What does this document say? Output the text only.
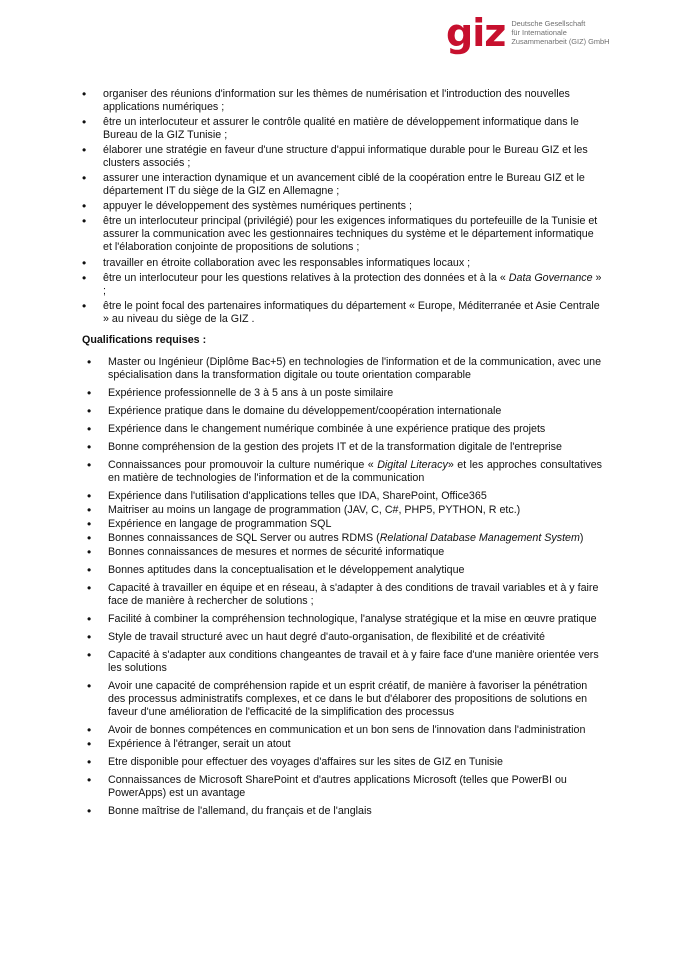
giz Deutsche Gesellschaft
für Internationale
Zusammenarbeit (GIZ) GmbH
• organiser des réunions d'information sur les thèmes de numérisation et l'introduction des nouvelles applications numériques ;
• être un interlocuteur et assurer le contrôle qualité en matière de développement informatique dans le Bureau de la GIZ Tunisie ;
• élaborer une stratégie en faveur d'une structure d'appui informatique durable pour le Bureau GIZ et les clusters associés ;
• assurer une interaction dynamique et un avancement ciblé de la coopération entre le Bureau GIZ et le département IT du siège de la GIZ en Allemagne ;
• appuyer le développement des systèmes numériques pertinents ;
• être un interlocuteur principal (privilégié) pour les exigences informatiques du portefeuille de la Tunisie et assurer la communication avec les gestionnaires techniques du système et le département informatique et l'élaboration conjointe de propositions de solutions ;
• travailler en étroite collaboration avec les responsables informatiques locaux ;
• être un interlocuteur pour les questions relatives à la protection des données et à la « Data Governance » ;
• être le point focal des partenaires informatiques du département « Europe, Méditerranée et Asie Centrale » au niveau du siège de la GIZ .
Qualifications requises :
• Master ou Ingénieur (Diplôme Bac+5) en technologies de l'information et de la communication, avec une spécialisation dans la transformation digitale ou toute orientation comparable
• Expérience professionnelle de 3 à 5 ans à un poste similaire
• Expérience pratique dans le domaine du développement/coopération internationale
• Expérience dans le changement numérique combinée à une expérience pratique des projets
• Bonne compréhension de la gestion des projets IT et de la transformation digitale de l'entreprise
• Connaissances pour promouvoir la culture numérique « Digital Literacy» et les approches consultatives en matière de technologies de l'information et de la communication
• Expérience dans l'utilisation d'applications telles que IDA, SharePoint, Office365
• Maitriser au moins un langage de programmation (JAV, C, C#, PHP5, PYTHON, R etc.)
• Expérience en langage de programmation SQL
• Bonnes connaissances de SQL Server ou autres RDMS (Relational Database Management System)
• Bonnes connaissances de mesures et normes de sécurité informatique
• Bonnes aptitudes dans la conceptualisation et le développement analytique
• Capacité à travailler en équipe et en réseau, à s'adapter à des conditions de travail variables et à y faire face de manière à rechercher de solutions ;
• Facilité à combiner la compréhension technologique, l'analyse stratégique et la mise en œuvre pratique
• Style de travail structuré avec un haut degré d'auto-organisation, de flexibilité et de créativité
• Capacité à s'adapter aux conditions changeantes de travail et à y faire face d'une manière orientée vers les solutions
• Avoir une capacité de compréhension rapide et un esprit créatif, de manière à favoriser la pénétration des processus administratifs complexes, et ce dans le but d'élaborer des propositions de solutions en faveur d'une amélioration de l'efficacité de la simplification des processus
• Avoir de bonnes compétences en communication et un bon sens de l'innovation dans l'administration
• Expérience à l'étranger, serait un atout
• Etre disponible pour effectuer des voyages d'affaires sur les sites de GIZ en Tunisie
• Connaissances de Microsoft SharePoint et d'autres applications Microsoft (telles que PowerBI ou PowerApps) est un avantage
• Bonne maîtrise de l'allemand, du français et de l'anglais
